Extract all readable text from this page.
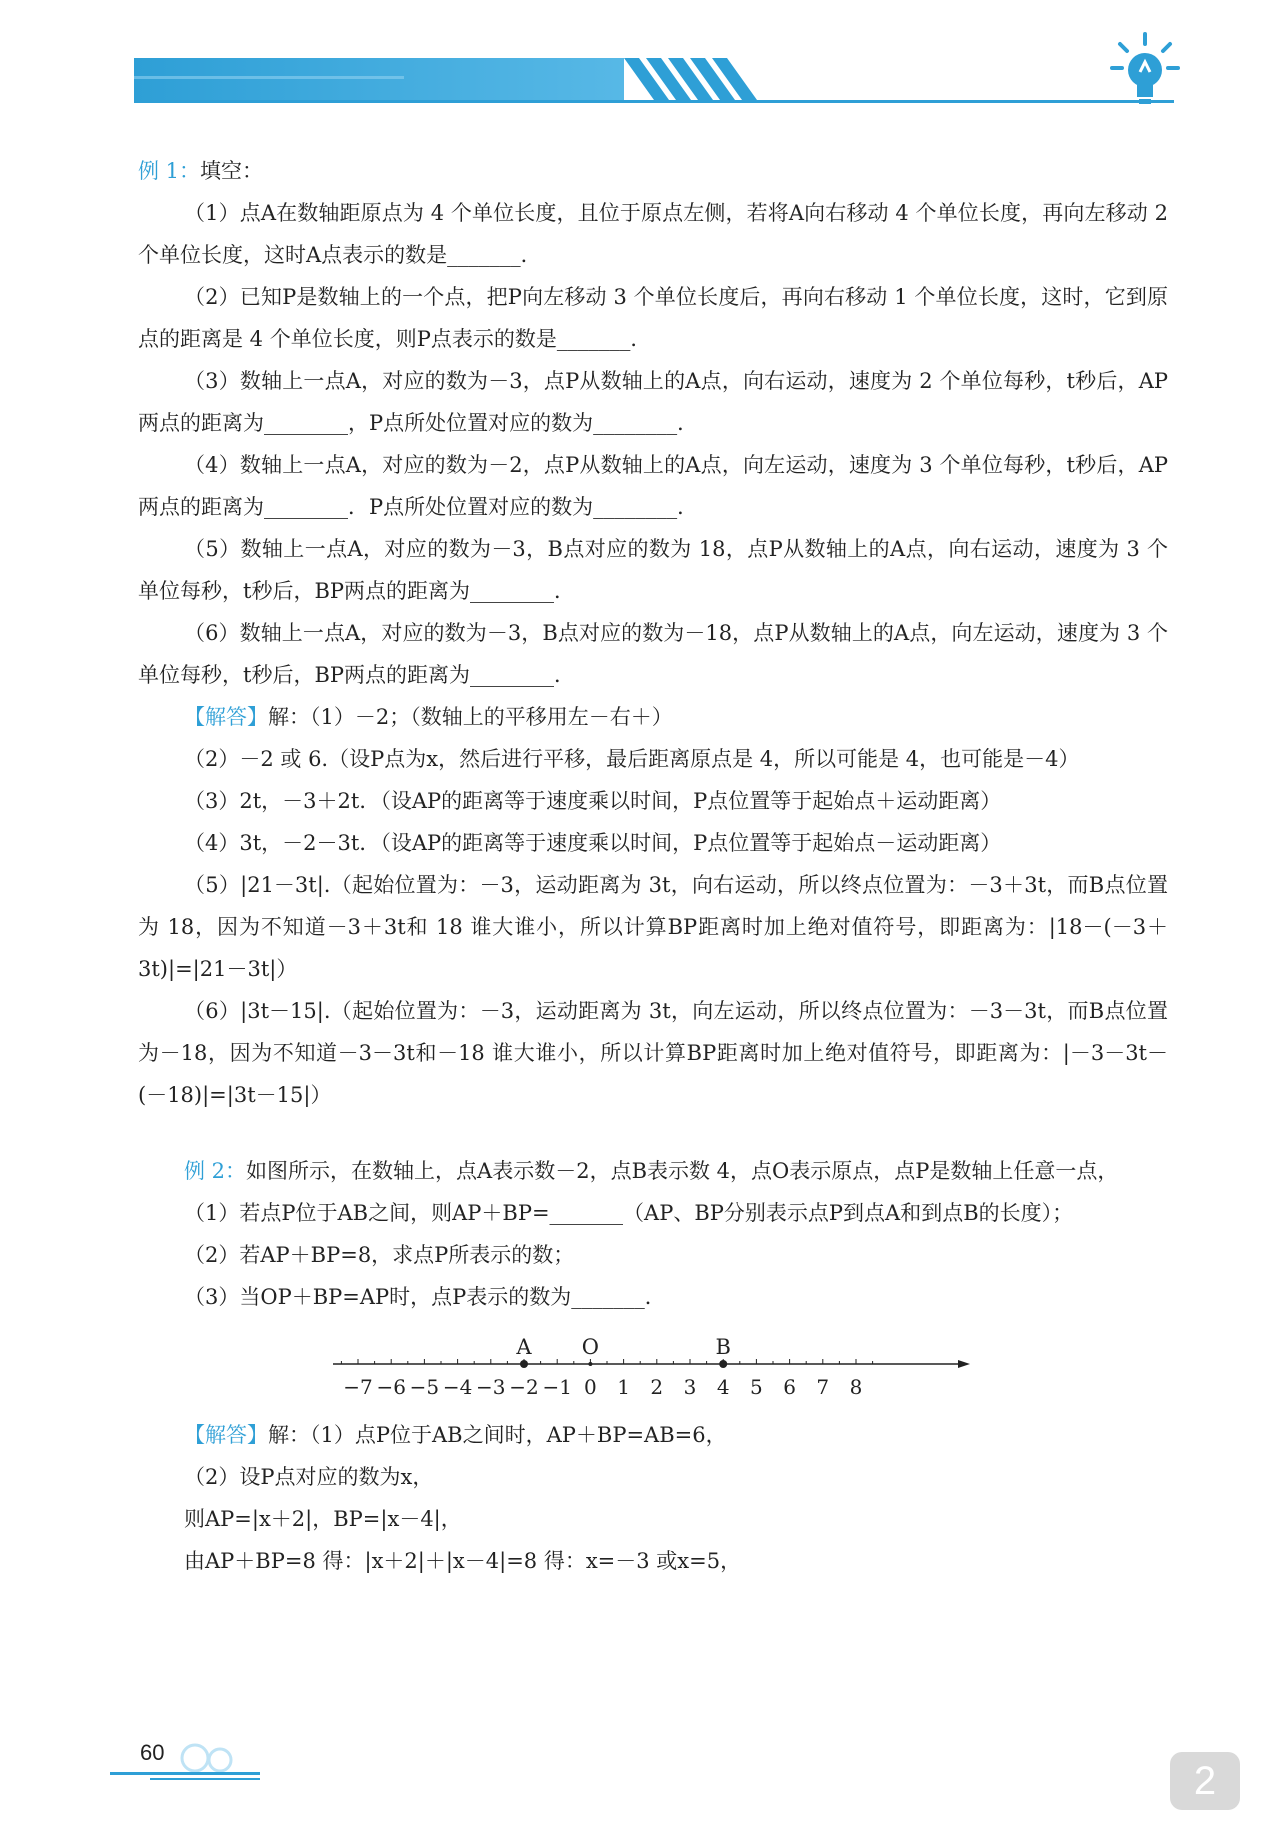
例 1：填空：

（1）点A在数轴距原点为 4 个单位长度，且位于原点左侧，若将A向右移动 4 个单位长度，再向左移动 2 个单位长度，这时A点表示的数是_______．

（2）已知P是数轴上的一个点，把P向左移动 3 个单位长度后，再向右移动 1 个单位长度，这时，它到原点的距离是 4 个单位长度，则P点表示的数是_______．

（3）数轴上一点A，对应的数为－3，点P从数轴上的A点，向右运动，速度为 2 个单位每秒，t秒后，AP两点的距离为________，P点所处位置对应的数为________．

（4）数轴上一点A，对应的数为－2，点P从数轴上的A点，向左运动，速度为 3 个单位每秒，t秒后，AP两点的距离为________．P点所处位置对应的数为________．

（5）数轴上一点A，对应的数为－3，B点对应的数为 18，点P从数轴上的A点，向右运动，速度为 3 个单位每秒，t秒后，BP两点的距离为________．

（6）数轴上一点A，对应的数为－3，B点对应的数为－18，点P从数轴上的A点，向左运动，速度为 3 个单位每秒，t秒后，BP两点的距离为________．

【解答】解：（1）－2；（数轴上的平移用左－右＋）

（2）－2 或 6.（设P点为x，然后进行平移，最后距离原点是 4，所以可能是 4，也可能是－4）

（3）2t，－3＋2t．（设AP的距离等于速度乘以时间，P点位置等于起始点＋运动距离）

（4）3t，－2－3t．（设AP的距离等于速度乘以时间，P点位置等于起始点－运动距离）

（5）|21－3t|.（起始位置为：－3，运动距离为 3t，向右运动，所以终点位置为：－3＋3t，而B点位置为 18，因为不知道－3＋3t和 18 谁大谁小，所以计算BP距离时加上绝对值符号，即距离为：|18－(－3＋3t)|=|21－3t|）

（6）|3t－15|.（起始位置为：－3，运动距离为 3t，向左运动，所以终点位置为：－3－3t，而B点位置为－18，因为不知道－3－3t和－18 谁大谁小，所以计算BP距离时加上绝对值符号，即距离为：|－3－3t－(－18)|=|3t－15|）

例 2：如图所示，在数轴上，点A表示数－2，点B表示数 4，点O表示原点，点P是数轴上任意一点，

（1）若点P位于AB之间，则AP＋BP=_______（AP、BP分别表示点P到点A和到点B的长度）；

（2）若AP＋BP=8，求点P所表示的数；

（3）当OP＋BP=AP时，点P表示的数为_______．

−7 −6 −5 −4 −3 −2 −1 0 1 2 3 4 5 6 7 8
A O	B

【解答】解：（1）点P位于AB之间时，AP＋BP=AB=6，

（2）设P点对应的数为x，

则AP=|x＋2|，BP=|x－4|，

由AP＋BP=8 得：|x＋2|＋|x－4|=8 得：x=－3 或x=5，

60
2
